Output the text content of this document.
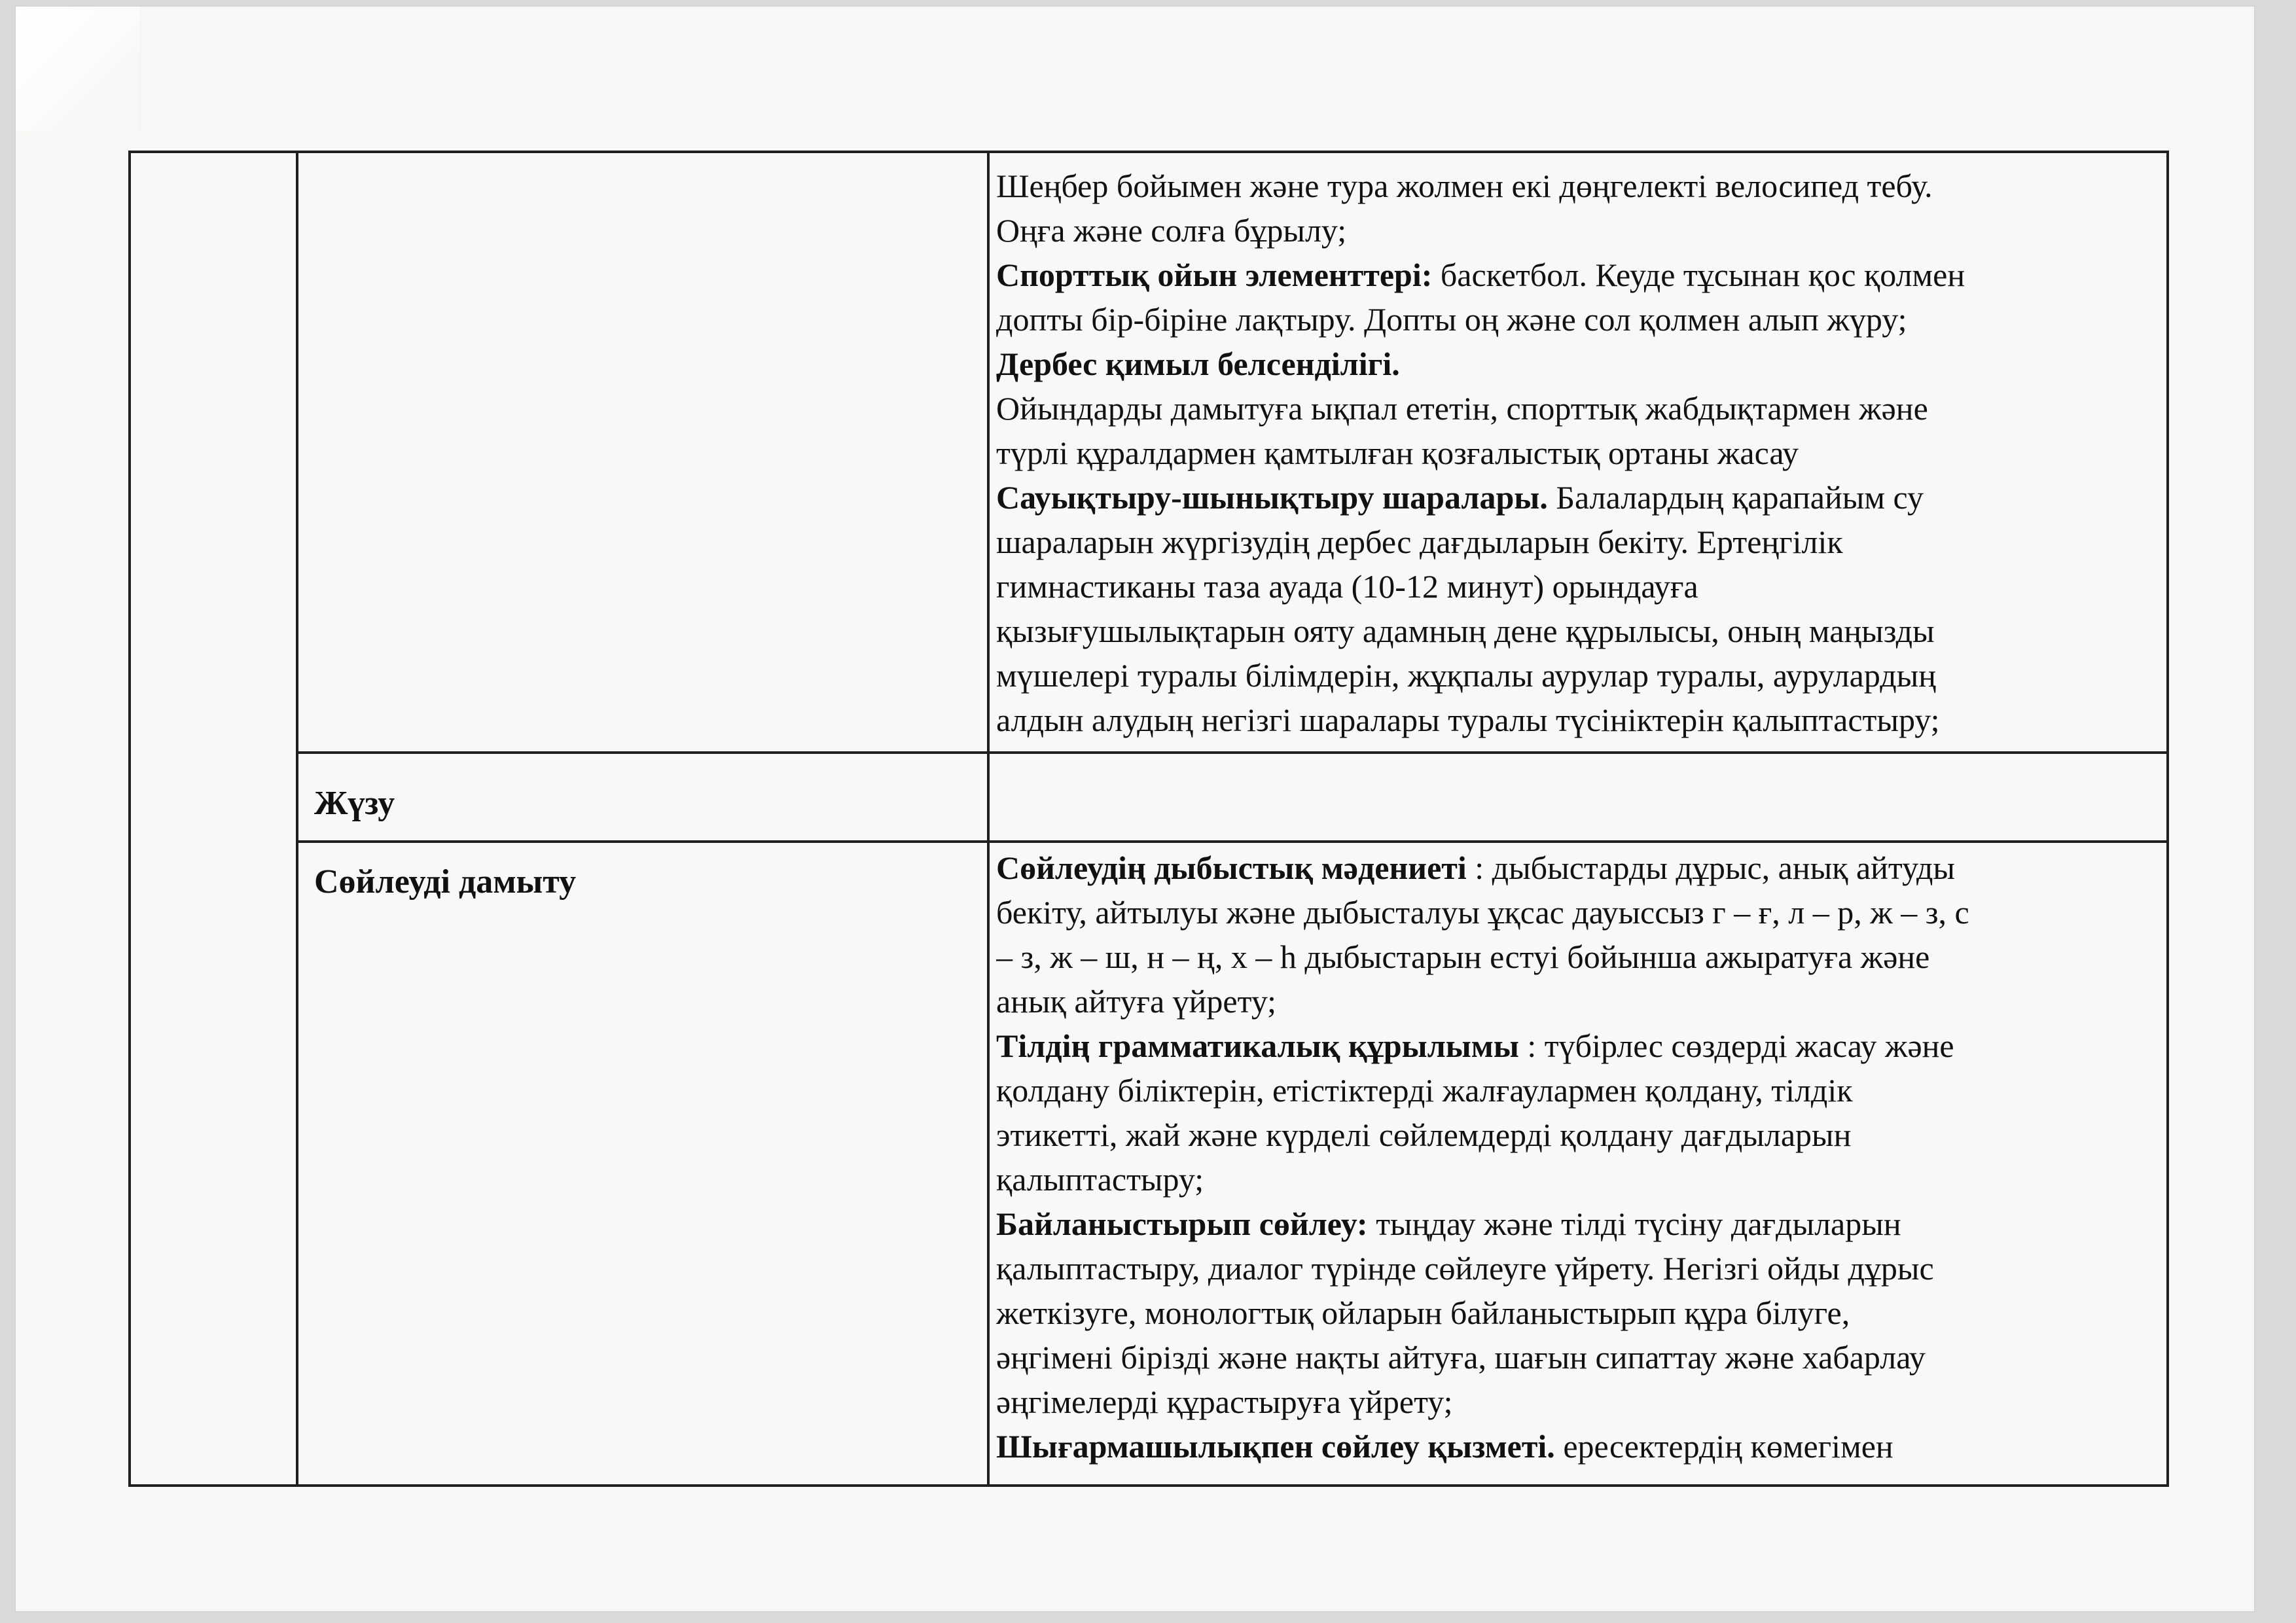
Шеңбер бойымен және тура жолмен екі дөңгелекті велосипед тебу.

Оңға және солға бұрылу;

Спорттық ойын элементтері: баскетбол. Кеуде тұсынан қос қолмен

допты бір-біріне лақтыру. Допты оң және сол қолмен алып жүру;

Дербес қимыл белсенділігі.

Ойындарды дамытуға ықпал ететін, спорттық жабдықтармен және

түрлі құралдармен қамтылған қозғалыстық ортаны жасау

Сауықтыру-шынықтыру шаралары. Балалардың қарапайым су

шараларын жүргізудің дербес дағдыларын бекіту. Ертеңгілік

гимнастиканы таза ауада (10-12 минут) орындауға

қызығушылықтарын ояту адамның дене құрылысы, оның маңызды

мүшелері туралы білімдерін, жұқпалы аурулар туралы, аурулардың

алдын алудың негізгі шаралары туралы түсініктерін қалыптастыру;

Жүзу
Сөйлеуді дамыту	Сөйлеудің дыбыстық мәдениеті : дыбыстарды дұрыс, анық айтуды

бекіту, айтылуы және дыбысталуы ұқсас дауыссыз г – ғ, л – р, ж – з, с

– з, ж – ш, н – ң, х – һ дыбыстарын естуі бойынша ажыратуға және

анық айтуға үйрету;

Тілдің грамматикалық құрылымы : түбірлес сөздерді жасау және

қолдану біліктерін, етістіктерді жалғаулармен қолдану, тілдік

этикетті, жай және күрделі сөйлемдерді қолдану дағдыларын

қалыптастыру;

Байланыстырып сөйлеу: тыңдау және тілді түсіну дағдыларын

қалыптастыру, диалог түрінде сөйлеуге үйрету. Негізгі ойды дұрыс

жеткізуге, монологтық ойларын байланыстырып құра білуге,

әңгімені бірізді және нақты айтуға, шағын сипаттау және хабарлау

әңгімелерді құрастыруға үйрету;

Шығармашылықпен сөйлеу қызметі. ересектердің көмегімен
